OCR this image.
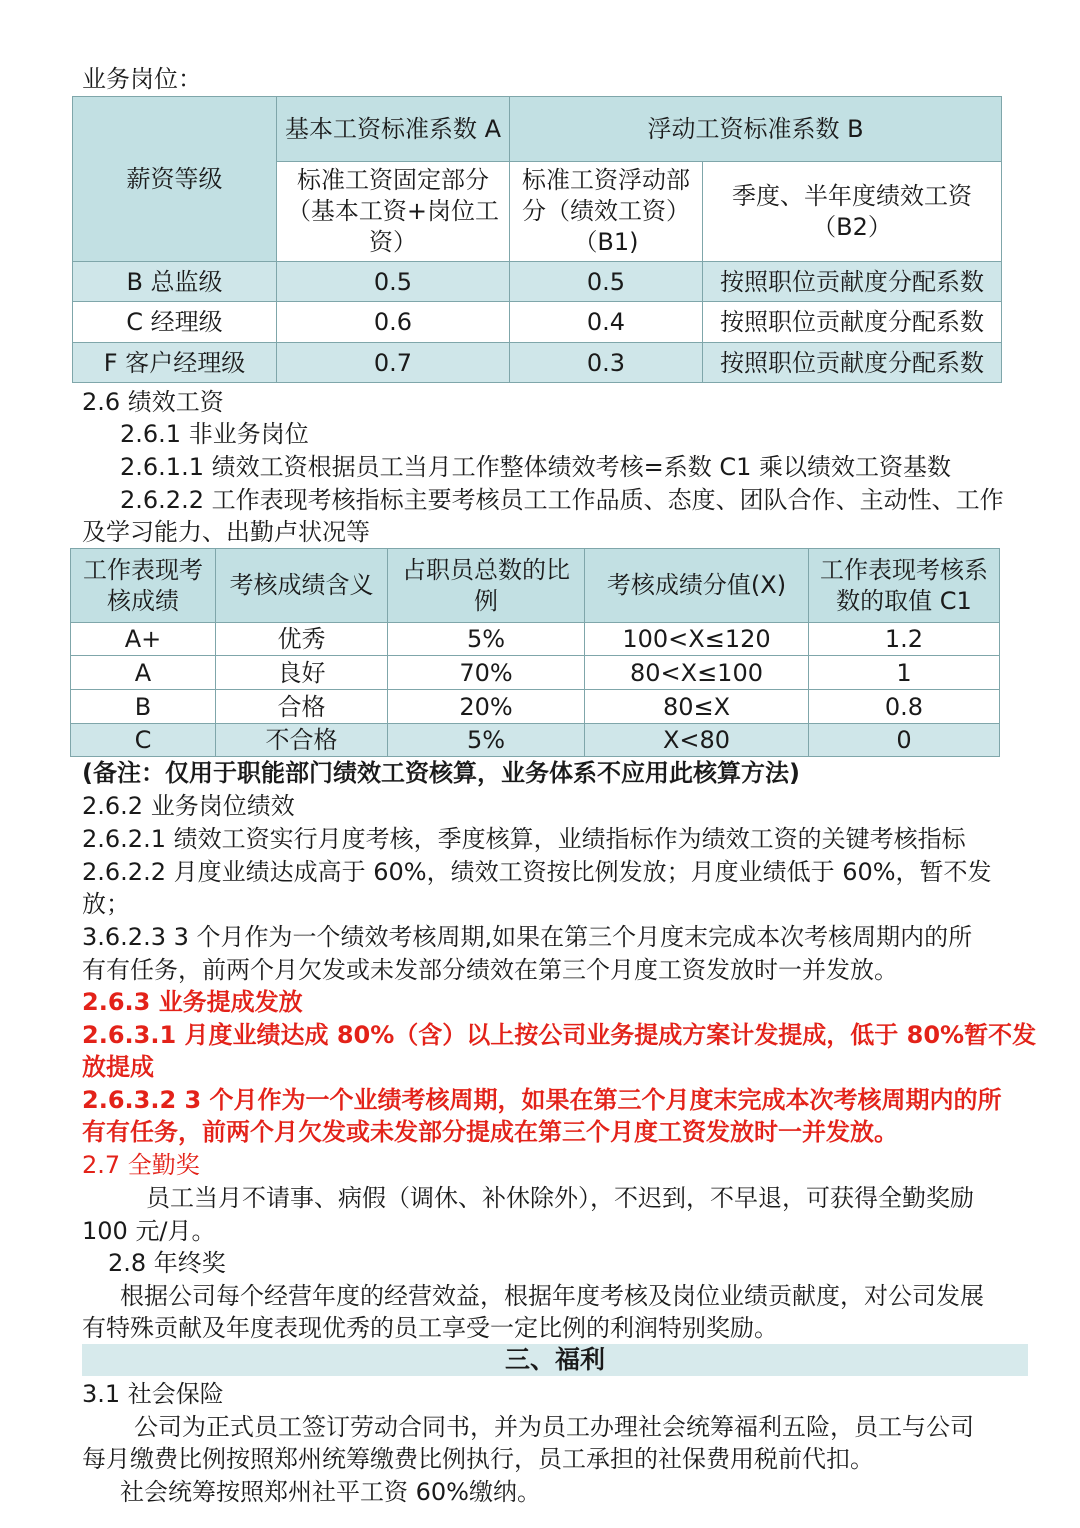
业务岗位：
薪资等级	基本工资标准系数 A	浮动工资标准系数 B	
	标准工资固定部分（基本工资+岗位工资）	标准工资浮动部分（绩效工资）（B1)	季度、半年度绩效工资（B2）
B 总监级	0.5	0.5	按照职位贡献度分配系数
C 经理级	0.6	0.4	按照职位贡献度分配系数
F 客户经理级	0.7	0.3	按照职位贡献度分配系数
2.6 绩效工资
2.6.1 非业务岗位
2.6.1.1 绩效工资根据员工当月工作整体绩效考核=系数 C1 乘以绩效工资基数
2.6.2.2 工作表现考核指标主要考核员工工作品质、态度、团队合作、主动性、工作
及学习能力、出勤卢状况等
工作表现考核成绩	考核成绩含义	占职员总数的比例	考核成绩分值(X)	工作表现考核系数的取值 C1
A+	优秀	5%	100<X≤120	1.2
A	良好	70%	80<X≤100	1
B	合格	20%	80≤X	0.8
C	不合格	5%	X<80	0
(备注：仅用于职能部门绩效工资核算，业务体系不应用此核算方法)
2.6.2 业务岗位绩效
2.6.2.1 绩效工资实行月度考核，季度核算，业绩指标作为绩效工资的关键考核指标
2.6.2.2 月度业绩达成高于 60%，绩效工资按比例发放；月度业绩低于 60%，暂不发
放；
3.6.2.3 3 个月作为一个绩效考核周期,如果在第三个月度末完成本次考核周期内的所
有有任务，前两个月欠发或未发部分绩效在第三个月度工资发放时一并发放。
2.6.3 业务提成发放
2.6.3.1 月度业绩达成 80%（含）以上按公司业务提成方案计发提成，低于 80%暂不发
放提成
2.6.3.2 3 个月作为一个业绩考核周期，如果在第三个月度末完成本次考核周期内的所
有有任务，前两个月欠发或未发部分提成在第三个月度工资发放时一并发放。
2.7 全勤奖
员工当月不请事、病假（调休、补休除外），不迟到，不早退，可获得全勤奖励
100 元/月。
2.8 年终奖
根据公司每个经营年度的经营效益，根据年度考核及岗位业绩贡献度，对公司发展
有特殊贡献及年度表现优秀的员工享受一定比例的利润特别奖励。
三、福利
3.1 社会保险
公司为正式员工签订劳动合同书，并为员工办理社会统筹福利五险，员工与公司
每月缴费比例按照郑州统筹缴费比例执行，员工承担的社保费用税前代扣。
社会统筹按照郑州社平工资 60%缴纳。
